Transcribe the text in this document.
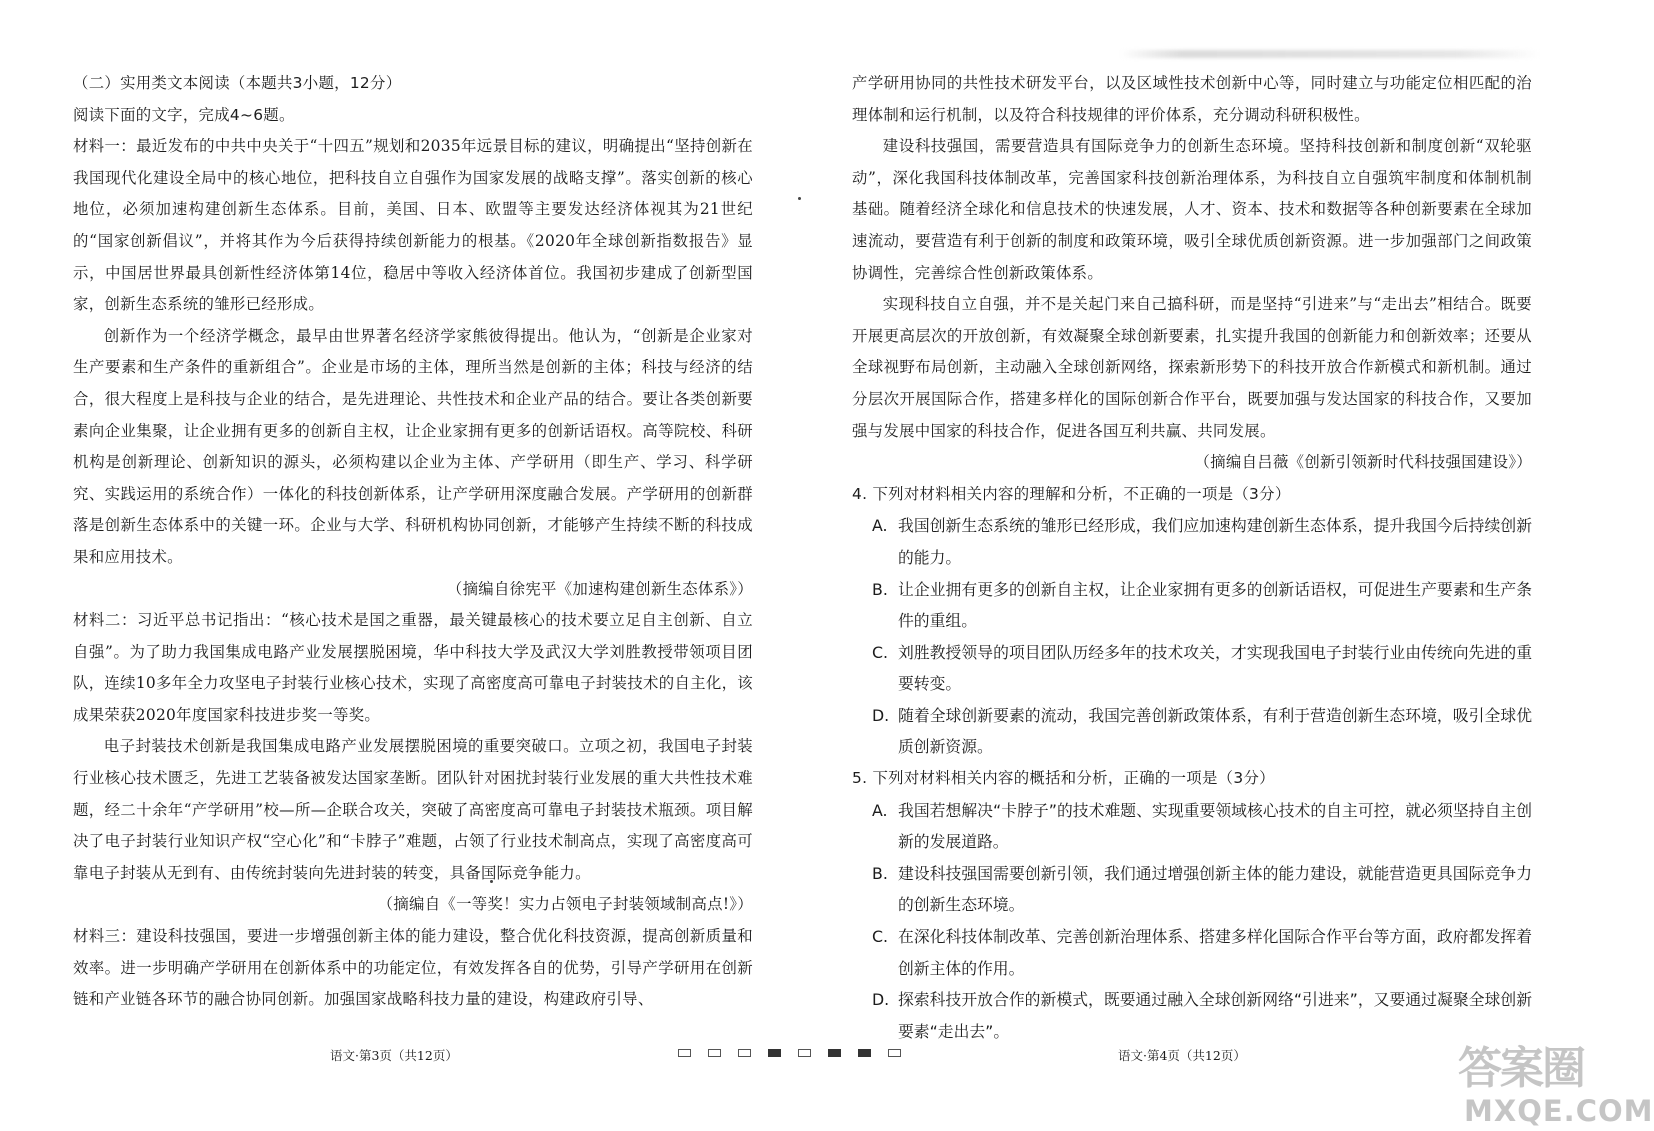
（二）实用类文本阅读（本题共3小题，12分）

阅读下面的文字，完成4~6题。

材料一：最近发布的中共中央关于“十四五”规划和2035年远景目标的建议，明确提出“坚持创新在我国现代化建设全局中的核心地位，把科技自立自强作为国家发展的战略支撑”。落实创新的核心地位，必须加速构建创新生态体系。目前，美国、日本、欧盟等主要发达经济体视其为21世纪的“国家创新倡议”，并将其作为今后获得持续创新能力的根基。《2020年全球创新指数报告》显示，中国居世界最具创新性经济体第14位，稳居中等收入经济体首位。我国初步建成了创新型国家，创新生态系统的雏形已经形成。

创新作为一个经济学概念，最早由世界著名经济学家熊彼得提出。他认为，“创新是企业家对生产要素和生产条件的重新组合”。企业是市场的主体，理所当然是创新的主体；科技与经济的结合，很大程度上是科技与企业的结合，是先进理论、共性技术和企业产品的结合。要让各类创新要素向企业集聚，让企业拥有更多的创新自主权，让企业家拥有更多的创新话语权。高等院校、科研机构是创新理论、创新知识的源头，必须构建以企业为主体、产学研用（即生产、学习、科学研究、实践运用的系统合作）一体化的科技创新体系，让产学研用深度融合发展。产学研用的创新群落是创新生态体系中的关键一环。企业与大学、科研机构协同创新，才能够产生持续不断的科技成果和应用技术。

（摘编自徐宪平《加速构建创新生态体系》）

材料二：习近平总书记指出：“核心技术是国之重器，最关键最核心的技术要立足自主创新、自立自强”。为了助力我国集成电路产业发展摆脱困境，华中科技大学及武汉大学刘胜教授带领项目团队，连续10多年全力攻坚电子封装行业核心技术，实现了高密度高可靠电子封装技术的自主化，该成果荣获2020年度国家科技进步奖一等奖。

电子封装技术创新是我国集成电路产业发展摆脱困境的重要突破口。立项之初，我国电子封装行业核心技术匮乏，先进工艺装备被发达国家垄断。团队针对困扰封装行业发展的重大共性技术难题，经二十余年“产学研用”校—所—企联合攻关，突破了高密度高可靠电子封装技术瓶颈。项目解决了电子封装行业知识产权“空心化”和“卡脖子”难题，占领了行业技术制高点，实现了高密度高可靠电子封装从无到有、由传统封装向先进封装的转变，具备国际竞争能力。

（摘编自《一等奖！实力占领电子封装领域制高点!》）

材料三：建设科技强国，要进一步增强创新主体的能力建设，整合优化科技资源，提高创新质量和效率。进一步明确产学研用在创新体系中的功能定位，有效发挥各自的优势，引导产学研用在创新链和产业链各环节的融合协同创新。加强国家战略科技力量的建设，构建政府引导、

产学研用协同的共性技术研发平台，以及区域性技术创新中心等，同时建立与功能定位相匹配的治理体制和运行机制，以及符合科技规律的评价体系，充分调动科研积极性。

建设科技强国，需要营造具有国际竞争力的创新生态环境。坚持科技创新和制度创新“双轮驱动”，深化我国科技体制改革，完善国家科技创新治理体系，为科技自立自强筑牢制度和体制机制基础。随着经济全球化和信息技术的快速发展，人才、资本、技术和数据等各种创新要素在全球加速流动，要营造有利于创新的制度和政策环境，吸引全球优质创新资源。进一步加强部门之间政策协调性，完善综合性创新政策体系。

实现科技自立自强，并不是关起门来自己搞科研，而是坚持“引进来”与“走出去”相结合。既要开展更高层次的开放创新，有效凝聚全球创新要素，扎实提升我国的创新能力和创新效率；还要从全球视野布局创新，主动融入全球创新网络，探索新形势下的科技开放合作新模式和新机制。通过分层次开展国际合作，搭建多样化的国际创新合作平台，既要加强与发达国家的科技合作，又要加强与发展中国家的科技合作，促进各国互利共赢、共同发展。

（摘编自吕薇《创新引领新时代科技强国建设》）

4. 下列对材料相关内容的理解和分析，不正确的一项是（3分）

A. 我国创新生态系统的雏形已经形成，我们应加速构建创新生态体系，提升我国今后持续创新的能力。
B. 让企业拥有更多的创新自主权，让企业家拥有更多的创新话语权，可促进生产要素和生产条件的重组。
C. 刘胜教授领导的项目团队历经多年的技术攻关，才实现我国电子封装行业由传统向先进的重要转变。
D. 随着全球创新要素的流动，我国完善创新政策体系，有利于营造创新生态环境，吸引全球优质创新资源。

5. 下列对材料相关内容的概括和分析，正确的一项是（3分）

A. 我国若想解决“卡脖子”的技术难题、实现重要领域核心技术的自主可控，就必须坚持自主创新的发展道路。
B. 建设科技强国需要创新引领，我们通过增强创新主体的能力建设，就能营造更具国际竞争力的创新生态环境。
C. 在深化科技体制改革、完善创新治理体系、搭建多样化国际合作平台等方面，政府都发挥着创新主体的作用。
D. 探索科技开放合作的新模式，既要通过融入全球创新网络“引进来”，又要通过凝聚全球创新要素“走出去”。
语文·第3页（共12页）	语文·第4页（共12页）	答案圈
MXQE.COM
